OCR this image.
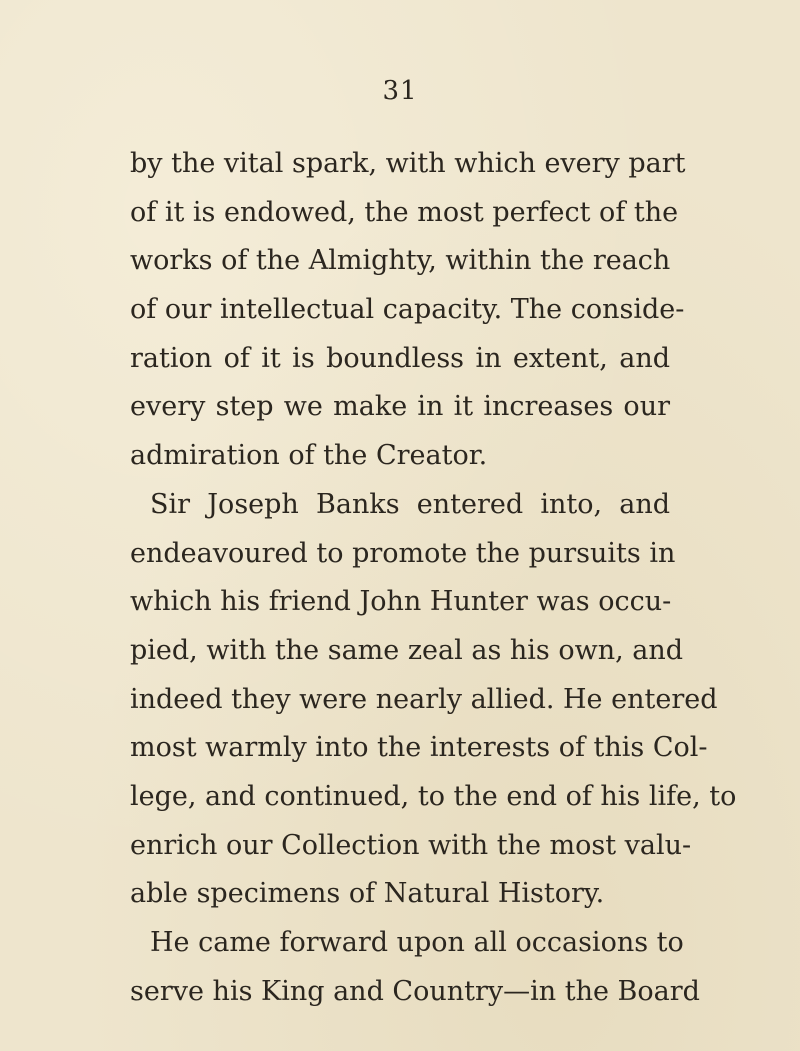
31
by the vital spark, with which every part
of it is endowed, the most perfect of the
works of the Almighty, within the reach
of our intellectual capacity. The conside-
ration of it is boundless in extent, and
every step we make in it increases our
admiration of the Creator.
Sir Joseph Banks entered into, and
endeavoured to promote the pursuits in
which his friend John Hunter was occu-
pied, with the same zeal as his own, and
indeed they were nearly allied. He entered
most warmly into the interests of this Col-
lege, and continued, to the end of his life, to
enrich our Collection with the most valu-
able specimens of Natural History.
He came forward upon all occasions to
serve his King and Country—in the Board
